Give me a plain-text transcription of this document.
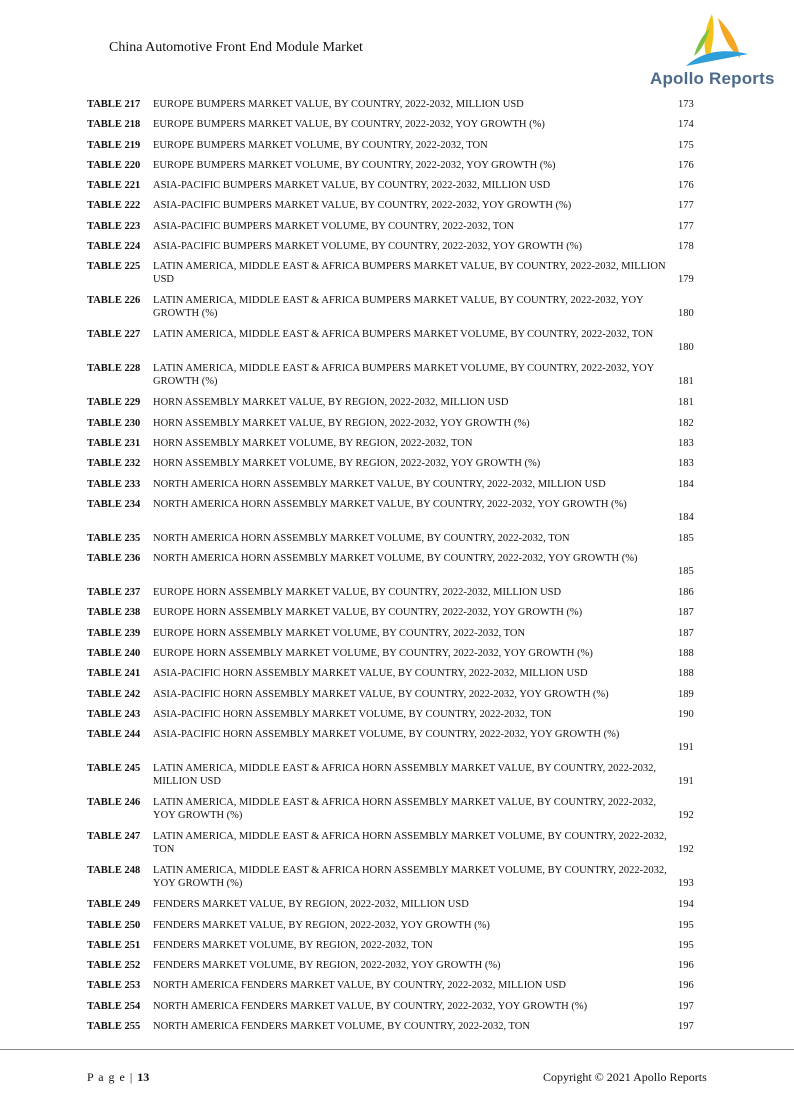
China Automotive Front End Module Market
Apollo Reports
TABLE 217 EUROPE BUMPERS MARKET VALUE, BY COUNTRY, 2022-2032, MILLION USD	173
TABLE 218 EUROPE BUMPERS MARKET VALUE, BY COUNTRY, 2022-2032, YOY GROWTH (%)	174
TABLE 219 EUROPE BUMPERS MARKET VOLUME, BY COUNTRY, 2022-2032, TON	175
TABLE 220 EUROPE BUMPERS MARKET VOLUME, BY COUNTRY, 2022-2032, YOY GROWTH (%)	176
TABLE 221 ASIA-PACIFIC BUMPERS MARKET VALUE, BY COUNTRY, 2022-2032, MILLION USD	176
TABLE 222 ASIA-PACIFIC BUMPERS MARKET VALUE, BY COUNTRY, 2022-2032, YOY GROWTH (%)	177
TABLE 223 ASIA-PACIFIC BUMPERS MARKET VOLUME, BY COUNTRY, 2022-2032, TON	177
TABLE 224 ASIA-PACIFIC BUMPERS MARKET VOLUME, BY COUNTRY, 2022-2032, YOY GROWTH (%)	178
TABLE 225 LATIN AMERICA, MIDDLE EAST & AFRICA BUMPERS MARKET VALUE, BY COUNTRY, 2022-2032, MILLION USD	179
TABLE 226 LATIN AMERICA, MIDDLE EAST & AFRICA BUMPERS MARKET VALUE, BY COUNTRY, 2022-2032, YOY GROWTH (%)	180
TABLE 227 LATIN AMERICA, MIDDLE EAST & AFRICA BUMPERS MARKET VOLUME, BY COUNTRY, 2022-2032, TON
180
TABLE 228 LATIN AMERICA, MIDDLE EAST & AFRICA BUMPERS MARKET VOLUME, BY COUNTRY, 2022-2032, YOY GROWTH (%)	181
TABLE 229 HORN ASSEMBLY MARKET VALUE, BY REGION, 2022-2032, MILLION USD	181
TABLE 230 HORN ASSEMBLY MARKET VALUE, BY REGION, 2022-2032, YOY GROWTH (%)	182
TABLE 231 HORN ASSEMBLY MARKET VOLUME, BY REGION, 2022-2032, TON	183
TABLE 232 HORN ASSEMBLY MARKET VOLUME, BY REGION, 2022-2032, YOY GROWTH (%)	183
TABLE 233 NORTH AMERICA HORN ASSEMBLY MARKET VALUE, BY COUNTRY, 2022-2032, MILLION USD	184
TABLE 234 NORTH AMERICA HORN ASSEMBLY MARKET VALUE, BY COUNTRY, 2022-2032, YOY GROWTH (%)
184
TABLE 235 NORTH AMERICA HORN ASSEMBLY MARKET VOLUME, BY COUNTRY, 2022-2032, TON	185
TABLE 236 NORTH AMERICA HORN ASSEMBLY MARKET VOLUME, BY COUNTRY, 2022-2032, YOY GROWTH (%)
185
TABLE 237 EUROPE HORN ASSEMBLY MARKET VALUE, BY COUNTRY, 2022-2032, MILLION USD	186
TABLE 238 EUROPE HORN ASSEMBLY MARKET VALUE, BY COUNTRY, 2022-2032, YOY GROWTH (%)	187
TABLE 239 EUROPE HORN ASSEMBLY MARKET VOLUME, BY COUNTRY, 2022-2032, TON	187
TABLE 240 EUROPE HORN ASSEMBLY MARKET VOLUME, BY COUNTRY, 2022-2032, YOY GROWTH (%)	188
TABLE 241 ASIA-PACIFIC HORN ASSEMBLY MARKET VALUE, BY COUNTRY, 2022-2032, MILLION USD	188
TABLE 242 ASIA-PACIFIC HORN ASSEMBLY MARKET VALUE, BY COUNTRY, 2022-2032, YOY GROWTH (%)	189
TABLE 243 ASIA-PACIFIC HORN ASSEMBLY MARKET VOLUME, BY COUNTRY, 2022-2032, TON	190
TABLE 244 ASIA-PACIFIC HORN ASSEMBLY MARKET VOLUME, BY COUNTRY, 2022-2032, YOY GROWTH (%)
191
TABLE 245 LATIN AMERICA, MIDDLE EAST & AFRICA HORN ASSEMBLY MARKET VALUE, BY COUNTRY, 2022-2032, MILLION USD	191
TABLE 246 LATIN AMERICA, MIDDLE EAST & AFRICA HORN ASSEMBLY MARKET VALUE, BY COUNTRY, 2022-2032, YOY GROWTH (%)	192
TABLE 247 LATIN AMERICA, MIDDLE EAST & AFRICA HORN ASSEMBLY MARKET VOLUME, BY COUNTRY, 2022-2032, TON	192
TABLE 248 LATIN AMERICA, MIDDLE EAST & AFRICA HORN ASSEMBLY MARKET VOLUME, BY COUNTRY, 2022-2032, YOY GROWTH (%)	193
TABLE 249 FENDERS MARKET VALUE, BY REGION, 2022-2032, MILLION USD	194
TABLE 250 FENDERS MARKET VALUE, BY REGION, 2022-2032, YOY GROWTH (%)	195
TABLE 251 FENDERS MARKET VOLUME, BY REGION, 2022-2032, TON	195
TABLE 252 FENDERS MARKET VOLUME, BY REGION, 2022-2032, YOY GROWTH (%)	196
TABLE 253 NORTH AMERICA FENDERS MARKET VALUE, BY COUNTRY, 2022-2032, MILLION USD	196
TABLE 254 NORTH AMERICA FENDERS MARKET VALUE, BY COUNTRY, 2022-2032, YOY GROWTH (%)	197
TABLE 255 NORTH AMERICA FENDERS MARKET VOLUME, BY COUNTRY, 2022-2032, TON	197
P a g e | 13	Copyright © 2021 Apollo Reports
